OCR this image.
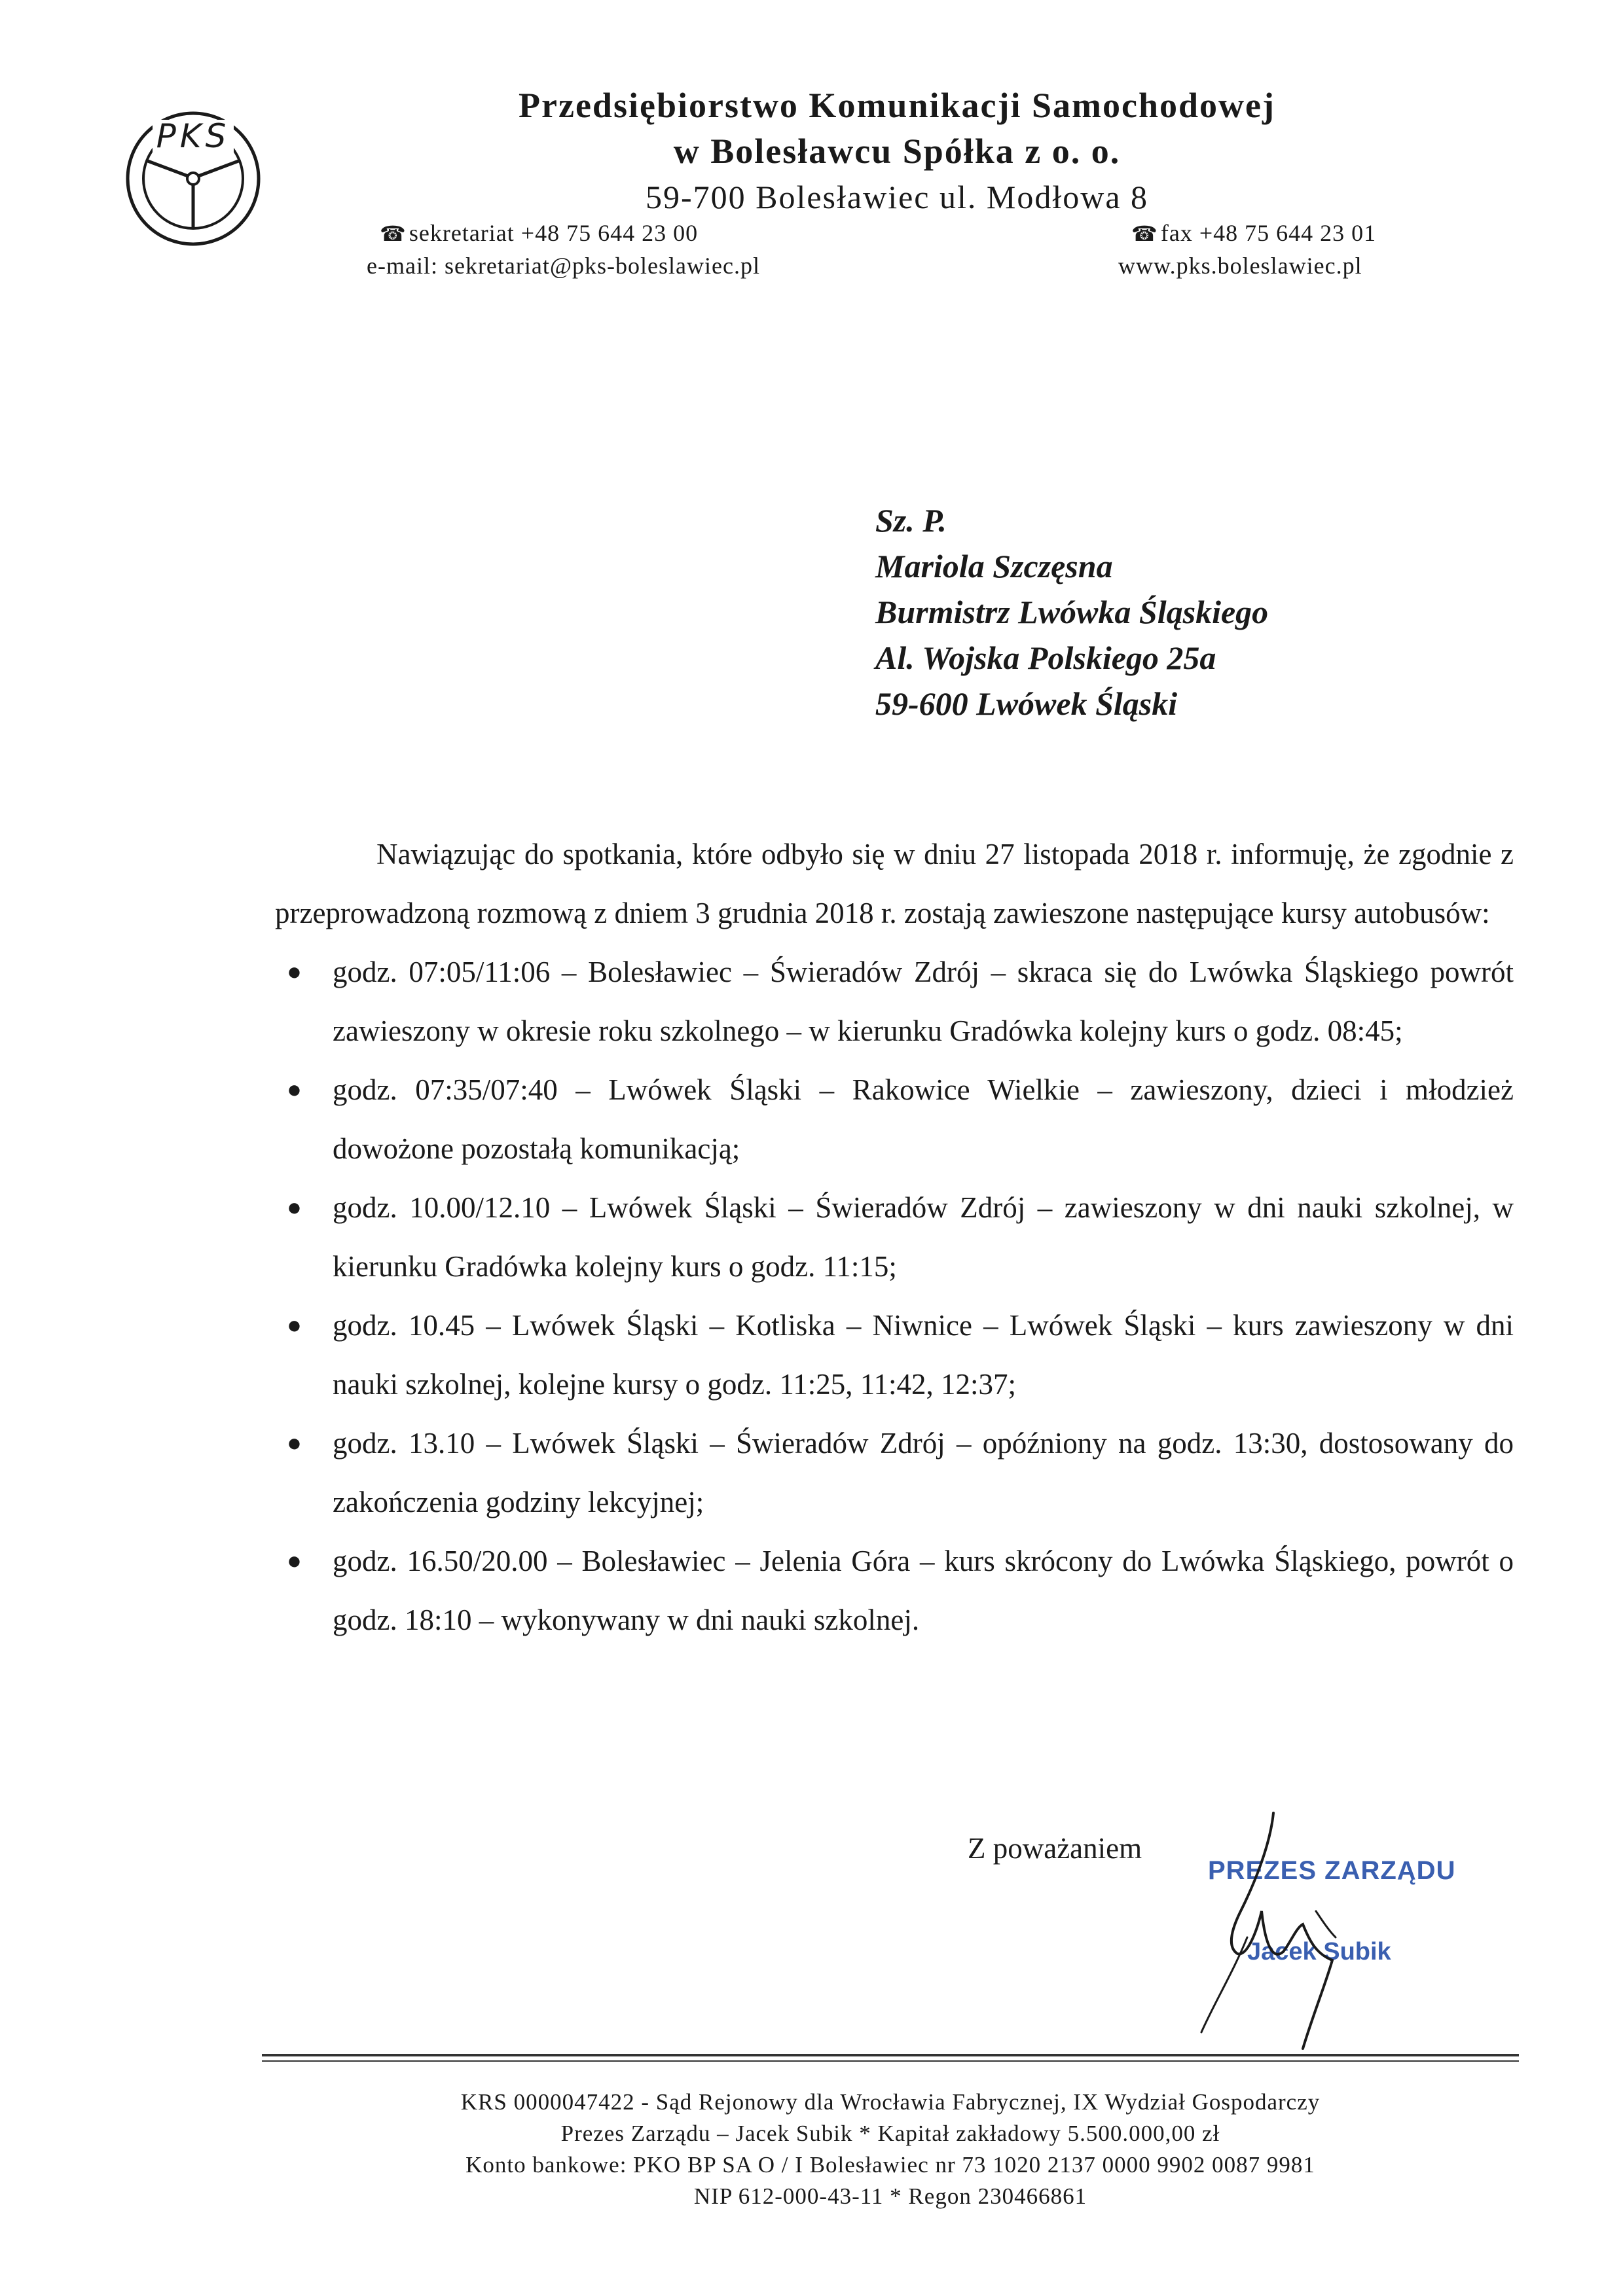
PKS
Przedsiębiorstwo Komunikacji Samochodowej
w Bolesławcu Spółka z o. o.
59-700 Bolesławiec ul. Modłowa 8
☎ sekretariat +48 75 644 23 00	☎ fax +48 75 644 23 01
e-mail: sekretariat@pks-boleslawiec.pl	www.pks.boleslawiec.pl
Sz. P.
Mariola Szczęsna
Burmistrz Lwówka Śląskiego
Al. Wojska Polskiego 25a
59-600 Lwówek Śląski

Nawiązując do spotkania, które odbyło się w dniu 27 listopada 2018 r. informuję, że zgodnie z przeprowadzoną rozmową z dniem 3 grudnia 2018 r. zostają zawieszone następujące kursy autobusów:

● godz. 07:05/11:06 – Bolesławiec – Świeradów Zdrój – skraca się do Lwówka Śląskiego powrót zawieszony w okresie roku szkolnego – w kierunku Gradówka kolejny kurs o godz. 08:45;
● godz. 07:35/07:40 – Lwówek Śląski – Rakowice Wielkie – zawieszony, dzieci i młodzież dowożone pozostałą komunikacją;
● godz. 10.00/12.10 – Lwówek Śląski – Świeradów Zdrój – zawieszony w dni nauki szkolnej, w kierunku Gradówka kolejny kurs o godz. 11:15;
● godz. 10.45 – Lwówek Śląski – Kotliska – Niwnice – Lwówek Śląski – kurs zawieszony w dni nauki szkolnej, kolejne kursy o godz. 11:25, 11:42, 12:37;
● godz. 13.10 – Lwówek Śląski – Świeradów Zdrój – opóźniony na godz. 13:30, dostosowany do zakończenia godziny lekcyjnej;
● godz. 16.50/20.00 – Bolesławiec – Jelenia Góra – kurs skrócony do Lwówka Śląskiego, powrót o godz. 18:10 – wykonywany w dni nauki szkolnej.
Z poważaniem
PREZES ZARZĄDU
Jacek Subik
KRS 0000047422 - Sąd Rejonowy dla Wrocławia Fabrycznej, IX Wydział Gospodarczy
Prezes Zarządu – Jacek Subik * Kapitał zakładowy 5.500.000,00 zł
Konto bankowe: PKO BP SA O / I Bolesławiec nr 73 1020 2137 0000 9902 0087 9981
NIP 612-000-43-11 * Regon 230466861
